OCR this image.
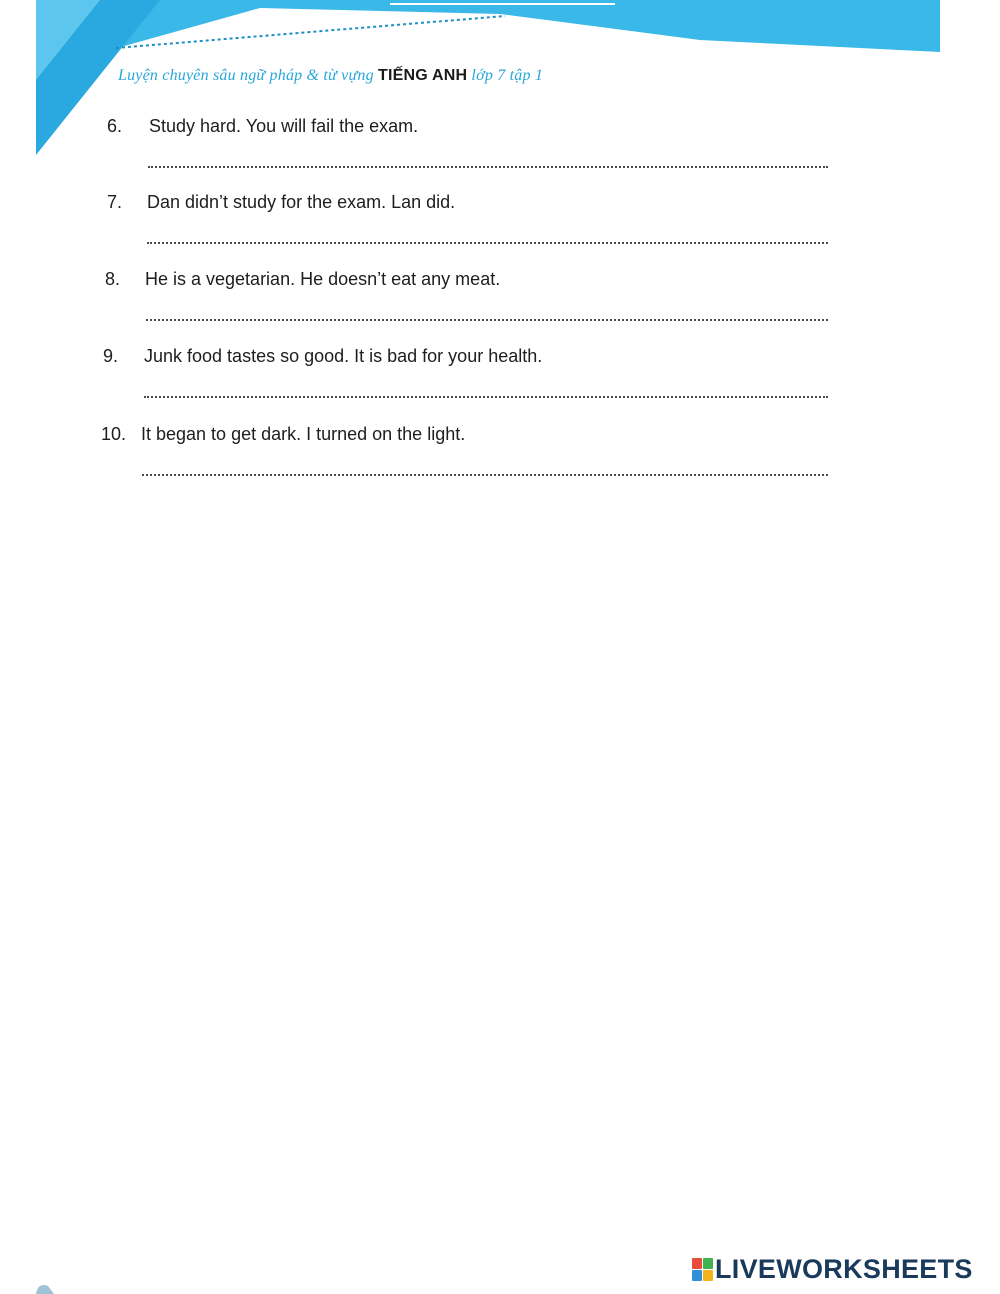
Luyện chuyên sâu ngữ pháp & từ vựng TIẾNG ANH lớp 7 tập 1
6. Study hard. You will fail the exam.
7. Dan didn’t study for the exam. Lan did.
8. He is a vegetarian. He doesn’t eat any meat.
9. Junk food tastes so good. It is bad for your health.
10. It began to get dark. I turned on the light.
LIVEWORKSHEETS
